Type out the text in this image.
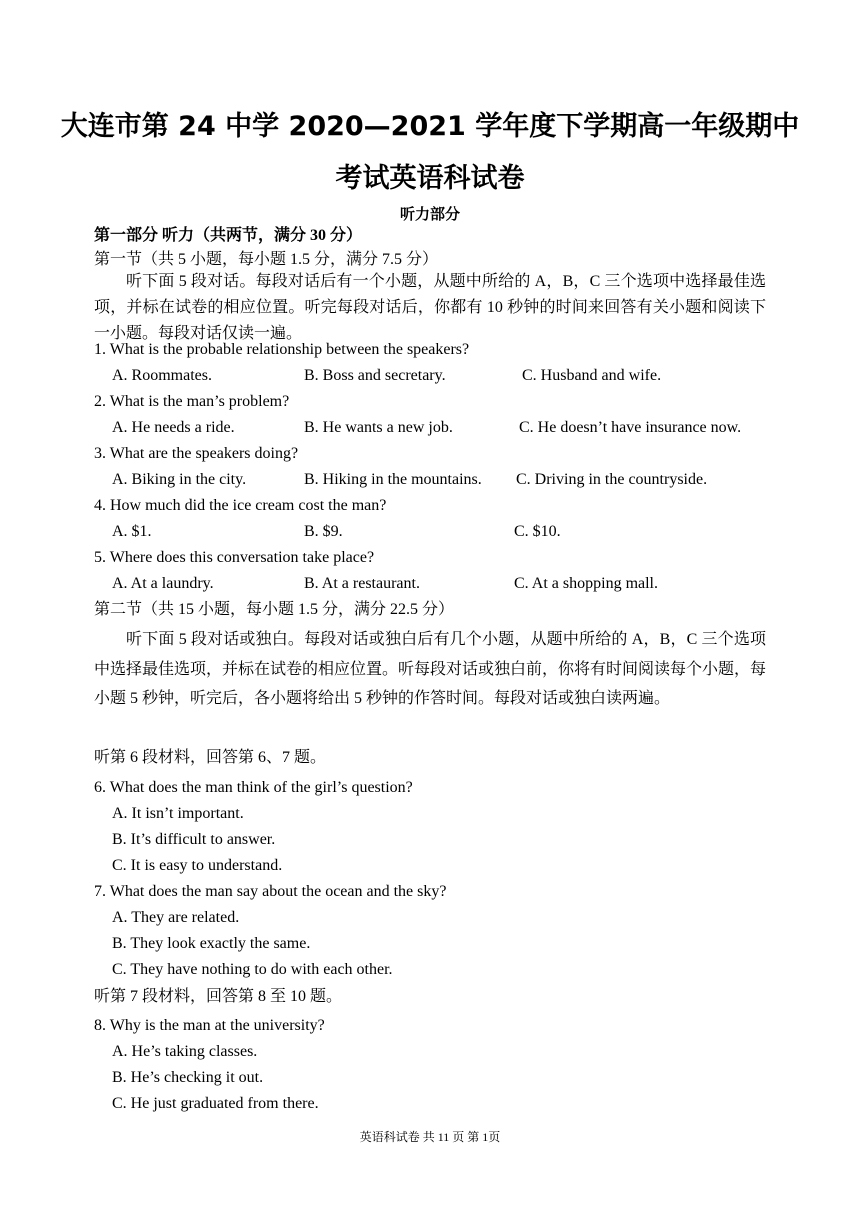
大连市第 24 中学 2020—2021 学年度下学期高一年级期中
考试英语科试卷
听力部分
第一部分 听力（共两节，满分 30 分）
第一节（共 5 小题，每小题 1.5 分，满分 7.5 分）
听下面 5 段对话。每段对话后有一个小题，从题中所给的 A，B，C 三个选项中选择最佳选项，并标在试卷的相应位置。听完每段对话后，你都有 10 秒钟的时间来回答有关小题和阅读下一小题。每段对话仅读一遍。
1. What is the probable relationship between the speakers?
A. Roommates.	B. Boss and secretary.	C. Husband and wife.
2. What is the man’s problem?
A. He needs a ride.	B. He wants a new job.	C. He doesn’t have insurance now.
3. What are the speakers doing?
A. Biking in the city.	B. Hiking in the mountains. C. Driving in the countryside.
4. How much did the ice cream cost the man?
A. $1.	B. $9.	C. $10.
5. Where does this conversation take place?
A. At a laundry.	B. At a restaurant.	C. At a shopping mall.
第二节（共 15 小题，每小题 1.5 分，满分 22.5 分）
听下面 5 段对话或独白。每段对话或独白后有几个小题，从题中所给的 A，B，C 三个选项中选择最佳选项，并标在试卷的相应位置。听每段对话或独白前，你将有时间阅读每个小题，每小题 5 秒钟，听完后，各小题将给出 5 秒钟的作答时间。每段对话或独白读两遍。
听第 6 段材料，回答第 6、7 题。
6. What does the man think of the girl’s question?
A. It isn’t important.
B. It’s difficult to answer.
C. It is easy to understand.
7. What does the man say about the ocean and the sky?
A. They are related.
B. They look exactly the same.
C. They have nothing to do with each other.
听第 7 段材料，回答第 8 至 10 题。
8. Why is the man at the university?
A. He’s taking classes.
B. He’s checking it out.
C. He just graduated from there.
英语科试卷 共 11 页 第 1页
